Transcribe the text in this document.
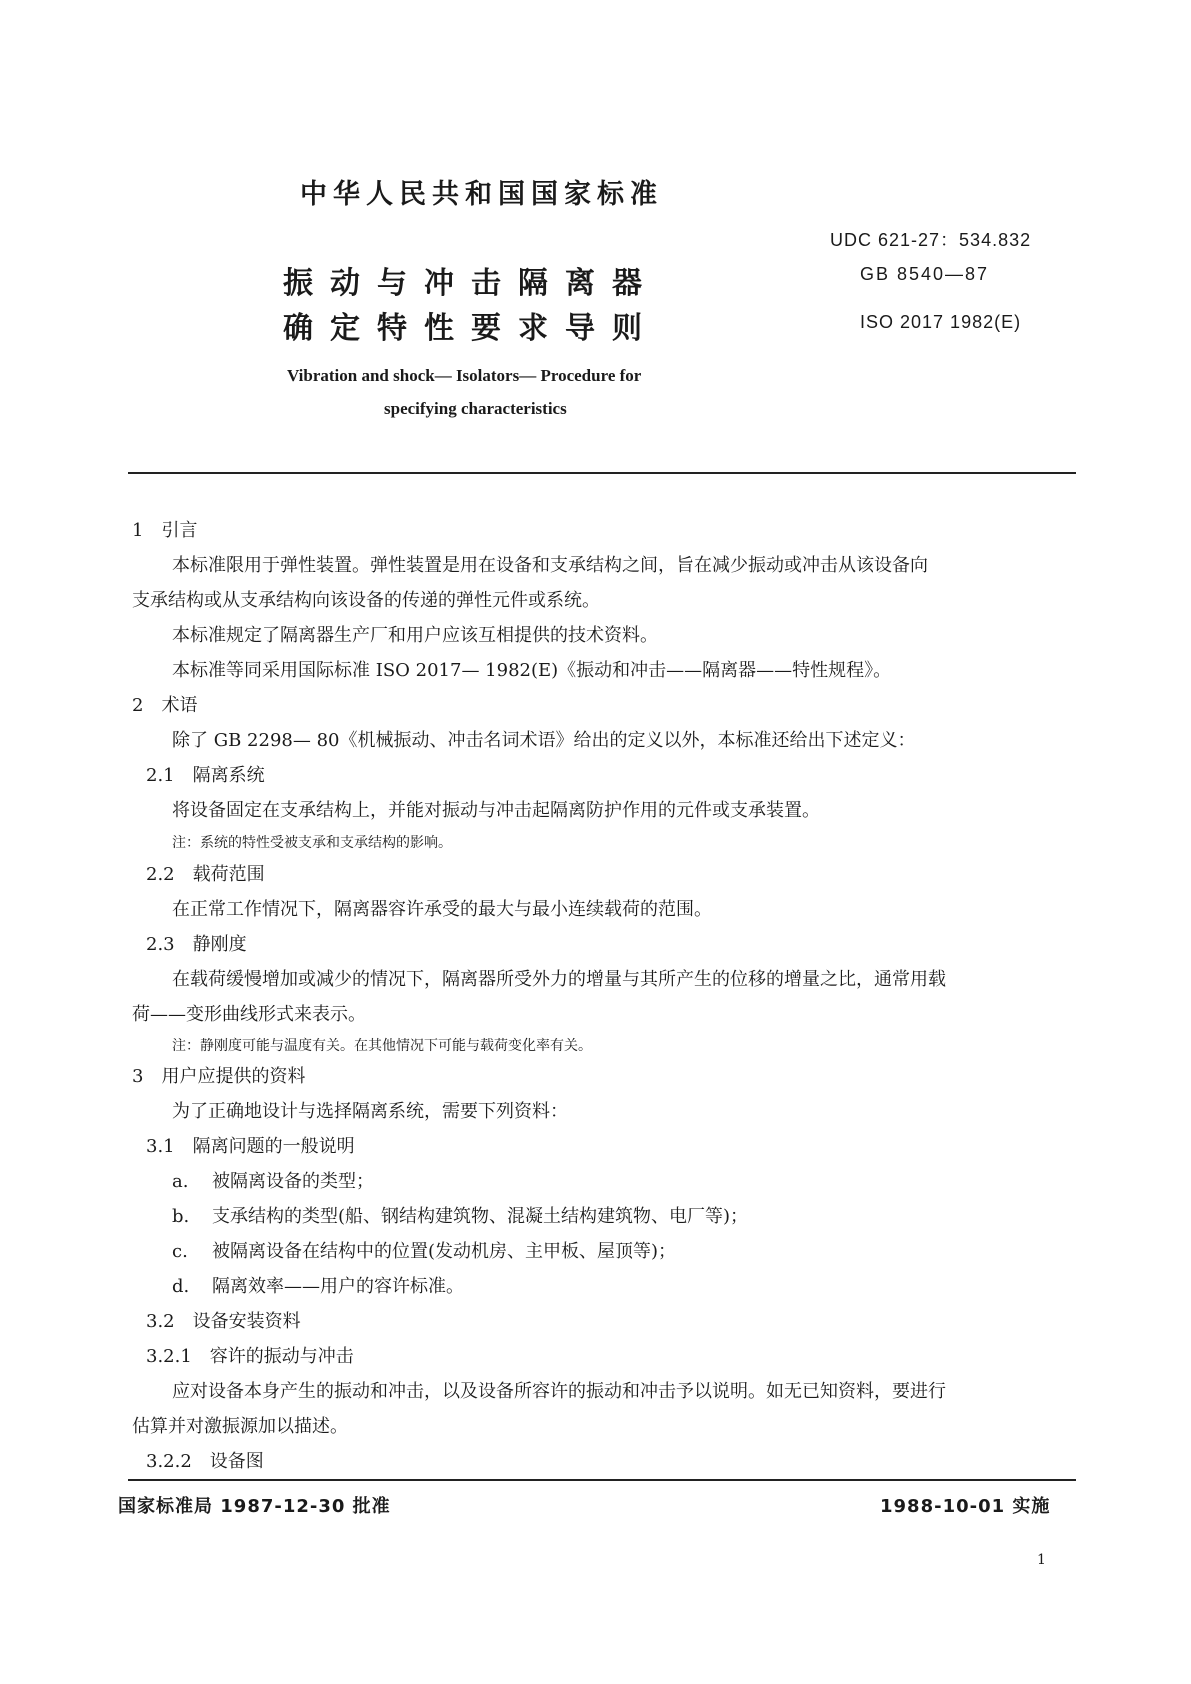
中华人民共和国国家标准
UDC 621-27：534.832
振动与冲击隔离器
确定特性要求导则
GB 8540—87
ISO 2017 1982(E)
Vibration and shock— Isolators— Procedure for
specifying characteristics
1　引言
本标准限用于弹性装置。弹性装置是用在设备和支承结构之间，旨在减少振动或冲击从该设备向
支承结构或从支承结构向该设备的传递的弹性元件或系统。
本标准规定了隔离器生产厂和用户应该互相提供的技术资料。
本标准等同采用国际标准 ISO 2017— 1982(E)《振动和冲击——隔离器——特性规程》。
2　术语
除了 GB 2298— 80《机械振动、冲击名词术语》给出的定义以外，本标准还给出下述定义：
2.1　隔离系统
将设备固定在支承结构上，并能对振动与冲击起隔离防护作用的元件或支承装置。
注：系统的特性受被支承和支承结构的影响。
2.2　载荷范围
在正常工作情况下，隔离器容许承受的最大与最小连续载荷的范围。
2.3　静刚度
在载荷缓慢增加或减少的情况下，隔离器所受外力的增量与其所产生的位移的增量之比，通常用载
荷——变形曲线形式来表示。
注：静刚度可能与温度有关。在其他情况下可能与载荷变化率有关。
3　用户应提供的资料
为了正确地设计与选择隔离系统，需要下列资料：
3.1　隔离问题的一般说明
a. 被隔离设备的类型；
b. 支承结构的类型(船、钢结构建筑物、混凝土结构建筑物、电厂等)；
c. 被隔离设备在结构中的位置(发动机房、主甲板、屋顶等)；
d. 隔离效率——用户的容许标准。
3.2　设备安装资料
3.2.1　容许的振动与冲击
应对设备本身产生的振动和冲击，以及设备所容许的振动和冲击予以说明。如无已知资料，要进行
估算并对激振源加以描述。
3.2.2　设备图
国家标准局 1987-12-30 批准	1988-10-01 实施
1
